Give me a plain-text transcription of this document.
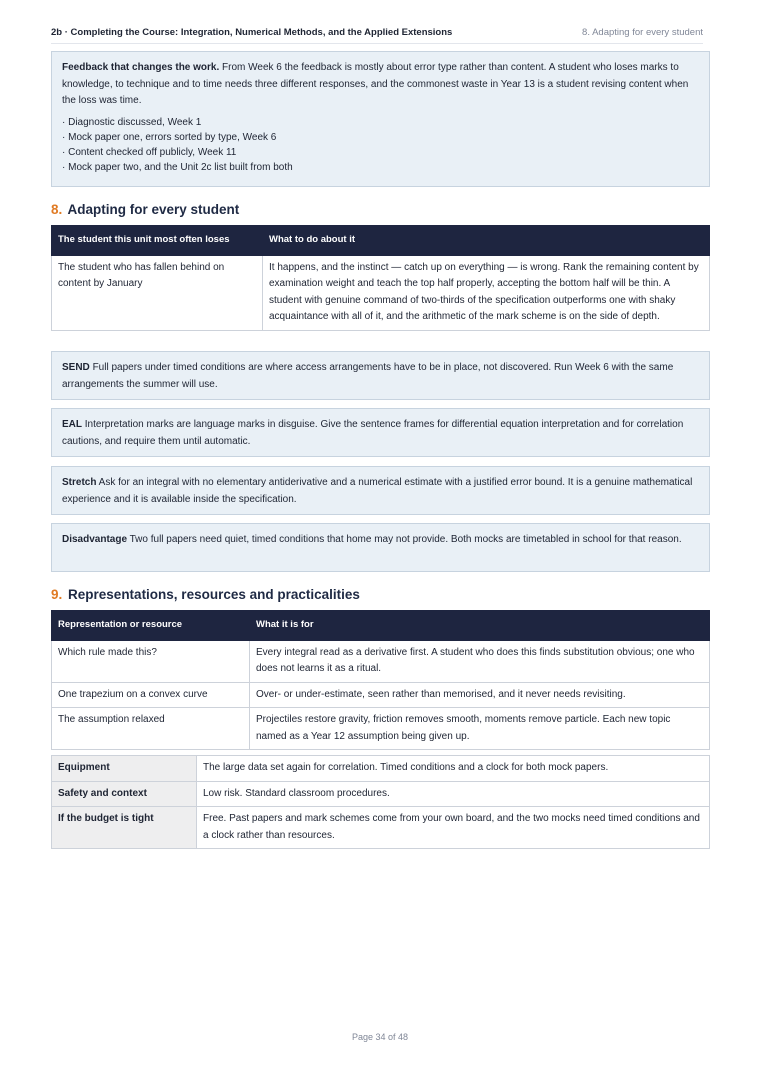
2b · Completing the Course: Integration, Numerical Methods, and the Applied Extensions	8. Adapting for every student
Feedback that changes the work. From Week 6 the feedback is mostly about error type rather than content. A student who loses marks to knowledge, to technique and to time needs three different responses, and the commonest waste in Year 13 is a student revising content when the loss was time.
· Diagnostic discussed, Week 1
· Mock paper one, errors sorted by type, Week 6
· Content checked off publicly, Week 11
· Mock paper two, and the Unit 2c list built from both
8. Adapting for every student
The student this unit most often loses	What to do about it
The student who has fallen behind on content by January	It happens, and the instinct — catch up on everything — is wrong. Rank the remaining content by examination weight and teach the top half properly, accepting the bottom half will be thin. A student with genuine command of two-thirds of the specification outperforms one with shaky acquaintance with all of it, and the arithmetic of the mark scheme is on the side of depth.
SEND Full papers under timed conditions are where access arrangements have to be in place, not discovered. Run Week 6 with the same arrangements the summer will use.
EAL Interpretation marks are language marks in disguise. Give the sentence frames for differential equation interpretation and for correlation cautions, and require them until automatic.
Stretch Ask for an integral with no elementary antiderivative and a numerical estimate with a justified error bound. It is a genuine mathematical experience and it is available inside the specification.
Disadvantage Two full papers need quiet, timed conditions that home may not provide. Both mocks are timetabled in school for that reason.
9. Representations, resources and practicalities
Representation or resource	What it is for
Which rule made this?	Every integral read as a derivative first. A student who does this finds substitution obvious; one who does not learns it as a ritual.
One trapezium on a convex curve	Over- or under-estimate, seen rather than memorised, and it never needs revisiting.
The assumption relaxed	Projectiles restore gravity, friction removes smooth, moments remove particle. Each new topic named as a Year 12 assumption being given up.
Equipment	The large data set again for correlation. Timed conditions and a clock for both mock papers.
Safety and context	Low risk. Standard classroom procedures.
If the budget is tight	Free. Past papers and mark schemes come from your own board, and the two mocks need timed conditions and a clock rather than resources.
Page 34 of 48
